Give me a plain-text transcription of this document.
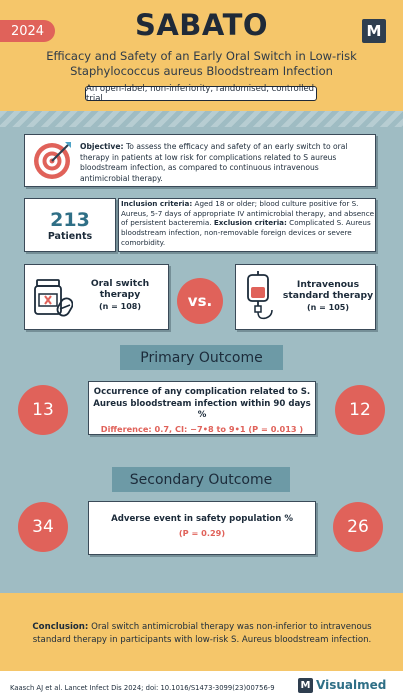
2024	SABATO	M
Efficacy and Safety of an Early Oral Switch in Low-risk Staphylococcus aureus Bloodstream Infection
An open-label, non-inferiority, randomised, controlled trial
Objective: To assess the efficacy and safety of an early switch to oral therapy in patients at low risk for complications related to S aureus bloodstream infection, as compared to continuous intravenous antimicrobial therapy.
213
Patients
Inclusion criteria: Aged 18 or older; blood culture positive for S. Aureus, 5-7 days of appropriate IV antimicrobial therapy, and absence of persistent bacteremia. Exclusion criteria: Complicated S. Aureus bloodstream infection, non-removable foreign devices or severe comorbidity.
Oral switch therapy
(n = 108)	vs.
Intravenous standard therapy
(n = 105)
Primary Outcome
Occurrence of any complication related to S. Aureus bloodstream infection within 90 days %
Difference: 0.7, CI: −7•8 to 9•1 (P = 0.013 )
13	12
Secondary Outcome
Adverse event in safety population %
(P = 0.29)
34	26
Conclusion: Oral switch antimicrobial therapy was non-inferior to intravenous standard therapy in participants with low-risk S. Aureus bloodstream infection.
Kaasch AJ et al. Lancet Infect Dis 2024; doi: 10.1016/S1473-3099(23)00756-9	M Visualmed
